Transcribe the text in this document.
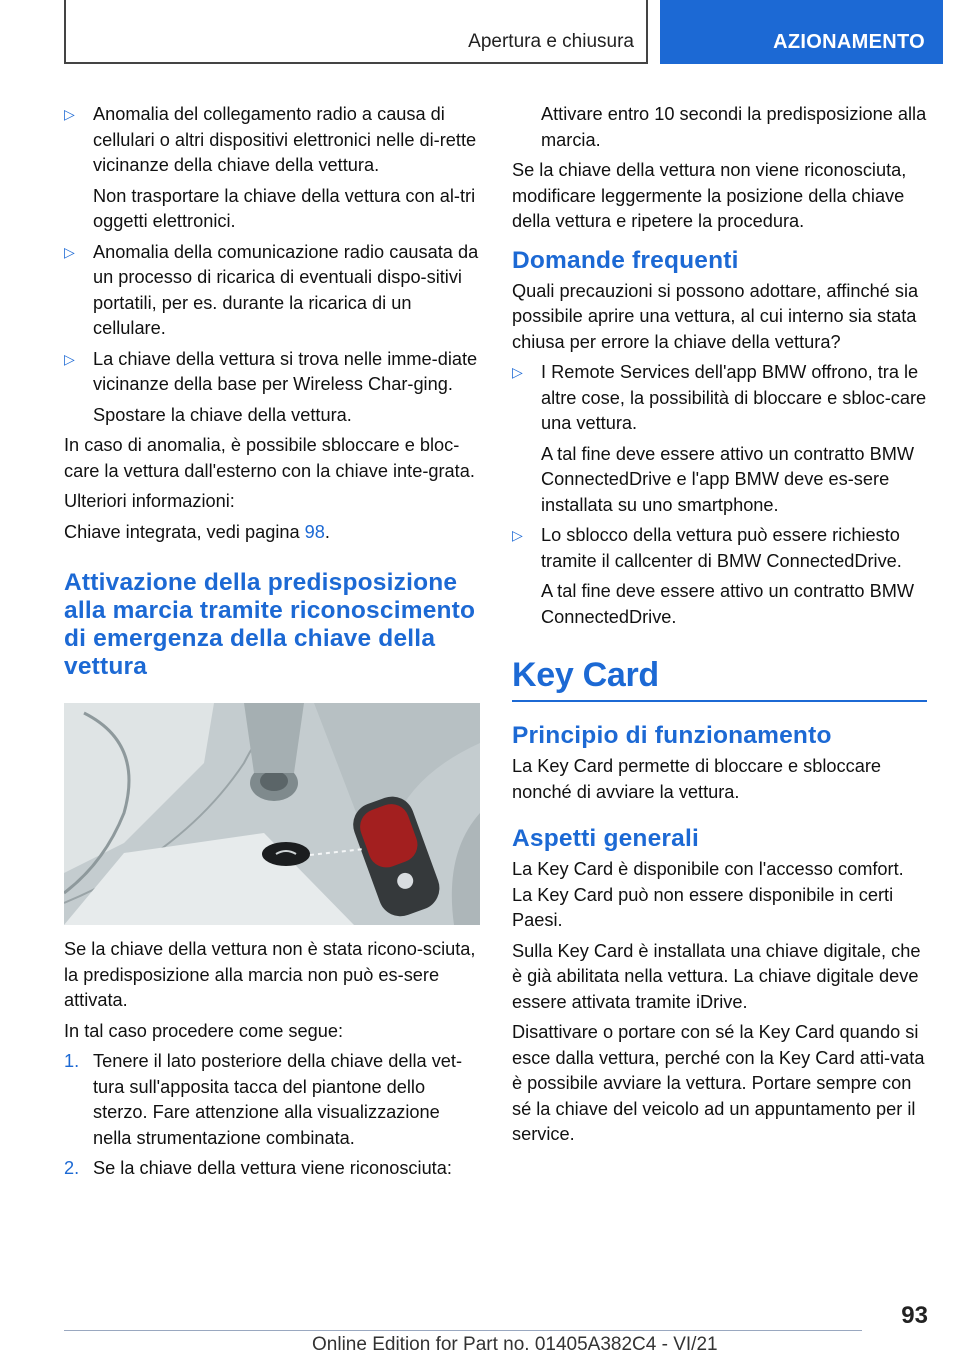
Apertura e chiusura	AZIONAMENTO
▷ Anomalia del collegamento radio a causa di cellulari o altri dispositivi elettronici nelle di-rette vicinanze della chiave della vettura.
Non trasportare la chiave della vettura con al-tri oggetti elettronici.
▷ Anomalia della comunicazione radio causata da un processo di ricarica di eventuali dispo-sitivi portatili, per es. durante la ricarica di un cellulare.
▷ La chiave della vettura si trova nelle imme-diate vicinanze della base per Wireless Char-ging.
Spostare la chiave della vettura.

In caso di anomalia, è possibile sbloccare e bloc-care la vettura dall'esterno con la chiave inte-grata.

Ulteriori informazioni:

Chiave integrata, vedi pagina 98.

Attivazione della predisposizione alla marcia tramite riconoscimento di emergenza della chiave della vettura

Se la chiave della vettura non è stata ricono-sciuta, la predisposizione alla marcia non può es-sere attivata.

In tal caso procedere come segue:

1. Tenere il lato posteriore della chiave della vet-tura sull'apposita tacca del piantone dello sterzo. Fare attenzione alla visualizzazione nella strumentazione combinata.
2. Se la chiave della vettura viene riconosciuta:
Attivare entro 10 secondi la predisposizione alla marcia.

Se la chiave della vettura non viene riconosciuta, modificare leggermente la posizione della chiave della vettura e ripetere la procedura.

Domande frequenti

Quali precauzioni si possono adottare, affinché sia possibile aprire una vettura, al cui interno sia stata chiusa per errore la chiave della vettura?

▷ I Remote Services dell'app BMW offrono, tra le altre cose, la possibilità di bloccare e sbloc-care una vettura.
A tal fine deve essere attivo un contratto BMW ConnectedDrive e l'app BMW deve es-sere installata su uno smartphone.
▷ Lo sblocco della vettura può essere richiesto tramite il callcenter di BMW ConnectedDrive.
A tal fine deve essere attivo un contratto BMW ConnectedDrive.
Key Card
Principio di funzionamento

La Key Card permette di bloccare e sbloccare nonché di avviare la vettura.

Aspetti generali

La Key Card è disponibile con l'accesso comfort. La Key Card può non essere disponibile in certi Paesi.

Sulla Key Card è installata una chiave digitale, che è già abilitata nella vettura. La chiave digitale deve essere attivata tramite iDrive.

Disattivare o portare con sé la Key Card quando si esce dalla vettura, perché con la Key Card atti-vata è possibile avviare la vettura. Portare sempre con sé la chiave del veicolo ad un appuntamento per il service.

93
Online Edition for Part no. 01405A382C4 - VI/21
